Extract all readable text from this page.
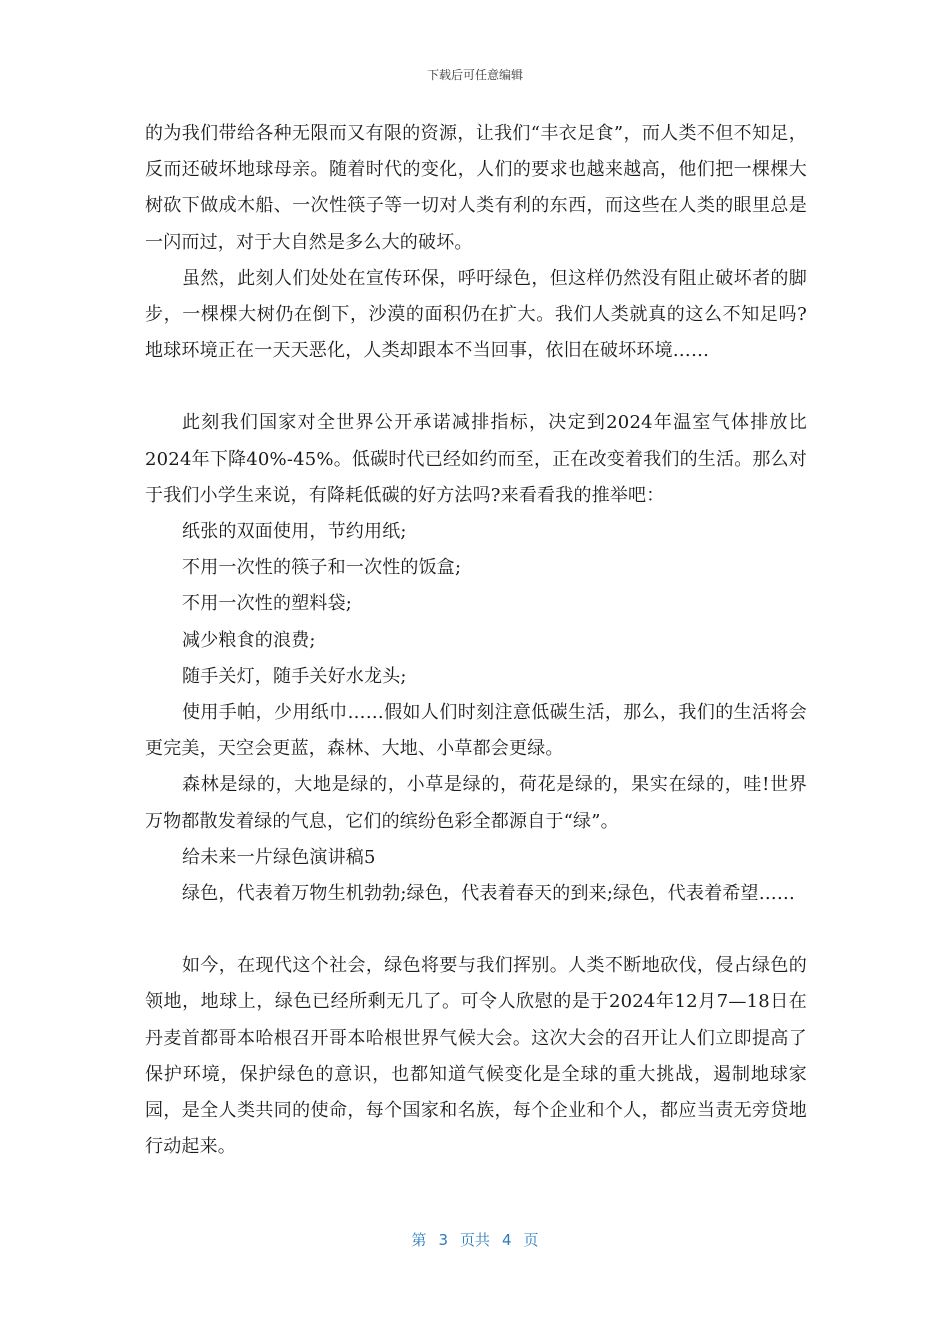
下载后可任意编辑

的为我们带给各种无限而又有限的资源，让我们“丰衣足食”，而人类不但不知足，反而还破坏地球母亲。随着时代的变化，人们的要求也越来越高，他们把一棵棵大树砍下做成木船、一次性筷子等一切对人类有利的东西，而这些在人类的眼里总是一闪而过，对于大自然是多么大的破坏。

虽然，此刻人们处处在宣传环保，呼吁绿色，但这样仍然没有阻止破坏者的脚步，一棵棵大树仍在倒下，沙漠的面积仍在扩大。我们人类就真的这么不知足吗?地球环境正在一天天恶化，人类却跟本不当回事，依旧在破坏环境……

此刻我们国家对全世界公开承诺减排指标，决定到2024年温室气体排放比2024年下降40%-45%。低碳时代已经如约而至，正在改变着我们的生活。那么对于我们小学生来说，有降耗低碳的好方法吗?来看看我的推举吧：

纸张的双面使用，节约用纸;

不用一次性的筷子和一次性的饭盒;

不用一次性的塑料袋;

减少粮食的浪费;

随手关灯，随手关好水龙头;

使用手帕，少用纸巾……假如人们时刻注意低碳生活，那么，我们的生活将会更完美，天空会更蓝，森林、大地、小草都会更绿。

森林是绿的，大地是绿的，小草是绿的，荷花是绿的，果实在绿的，哇!世界万物都散发着绿的气息，它们的缤纷色彩全都源自于“绿”。

给未来一片绿色演讲稿5

绿色，代表着万物生机勃勃;绿色，代表着春天的到来;绿色，代表着希望……

如今，在现代这个社会，绿色将要与我们挥别。人类不断地砍伐，侵占绿色的领地，地球上，绿色已经所剩无几了。可令人欣慰的是于2024年12月7—18日在丹麦首都哥本哈根召开哥本哈根世界气候大会。这次大会的召开让人们立即提高了保护环境，保护绿色的意识，也都知道气候变化是全球的重大挑战，遏制地球家园，是全人类共同的使命，每个国家和名族，每个企业和个人，都应当责无旁贷地行动起来。

第 3 页共 4 页
